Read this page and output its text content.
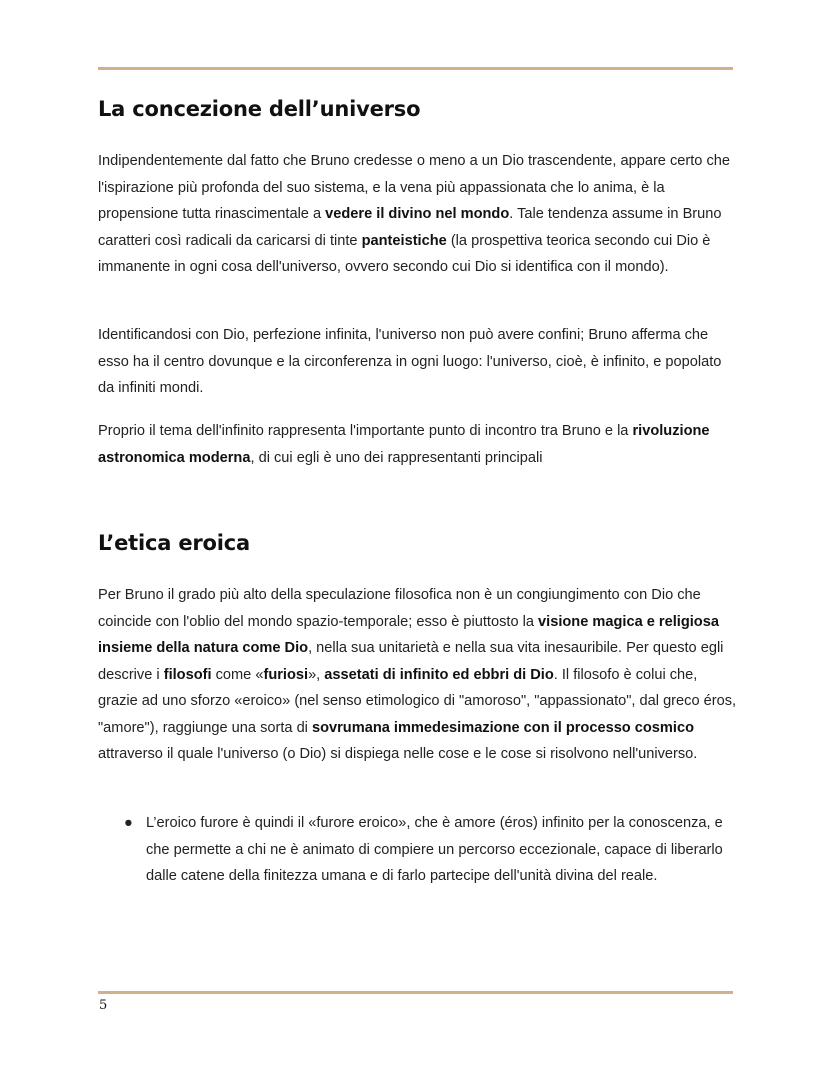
La concezione dell’universo

Indipendentemente dal fatto che Bruno credesse o meno a un Dio trascendente, appare certo che l'ispirazione più profonda del suo sistema, e la vena più appassionata che lo anima, è la propensione tutta rinascimentale a vedere il divino nel mondo. Tale tendenza assume in Bruno caratteri così radicali da caricarsi di tinte panteistiche (la prospettiva teorica secondo cui Dio è immanente in ogni cosa dell'universo, ovvero secondo cui Dio si identifica con il mondo).

Identificandosi con Dio, perfezione infinita, l'universo non può avere confini; Bruno afferma che esso ha il centro dovunque e la circonferenza in ogni luogo: l'universo, cioè, è infinito, e popolato da infiniti mondi.

Proprio il tema dell'infinito rappresenta l'importante punto di incontro tra Bruno e la rivoluzione astronomica moderna, di cui egli è uno dei rappresentanti principali

L’etica eroica

Per Bruno il grado più alto della speculazione filosofica non è un congiungimento con Dio che coincide con l'oblio del mondo spazio-temporale; esso è piuttosto la visione magica e religiosa insieme della natura come Dio, nella sua unitarietà e nella sua vita inesauribile. Per questo egli descrive i filosofi come «furiosi», assetati di infinito ed ebbri di Dio. Il filosofo è colui che, grazie ad uno sforzo «eroico» (nel senso etimologico di "amoroso", "appassionato", dal greco éros, "amore"), raggiunge una sorta di sovrumana immedesimazione con il processo cosmico attraverso il quale l'universo (o Dio) si dispiega nelle cose e le cose si risolvono nell'universo.

● L’eroico furore è quindi il «furore eroico», che è amore (éros) infinito per la conoscenza, e che permette a chi ne è animato di compiere un percorso eccezionale, capace di liberarlo dalle catene della finitezza umana e di farlo partecipe dell'unità divina del reale.
5
